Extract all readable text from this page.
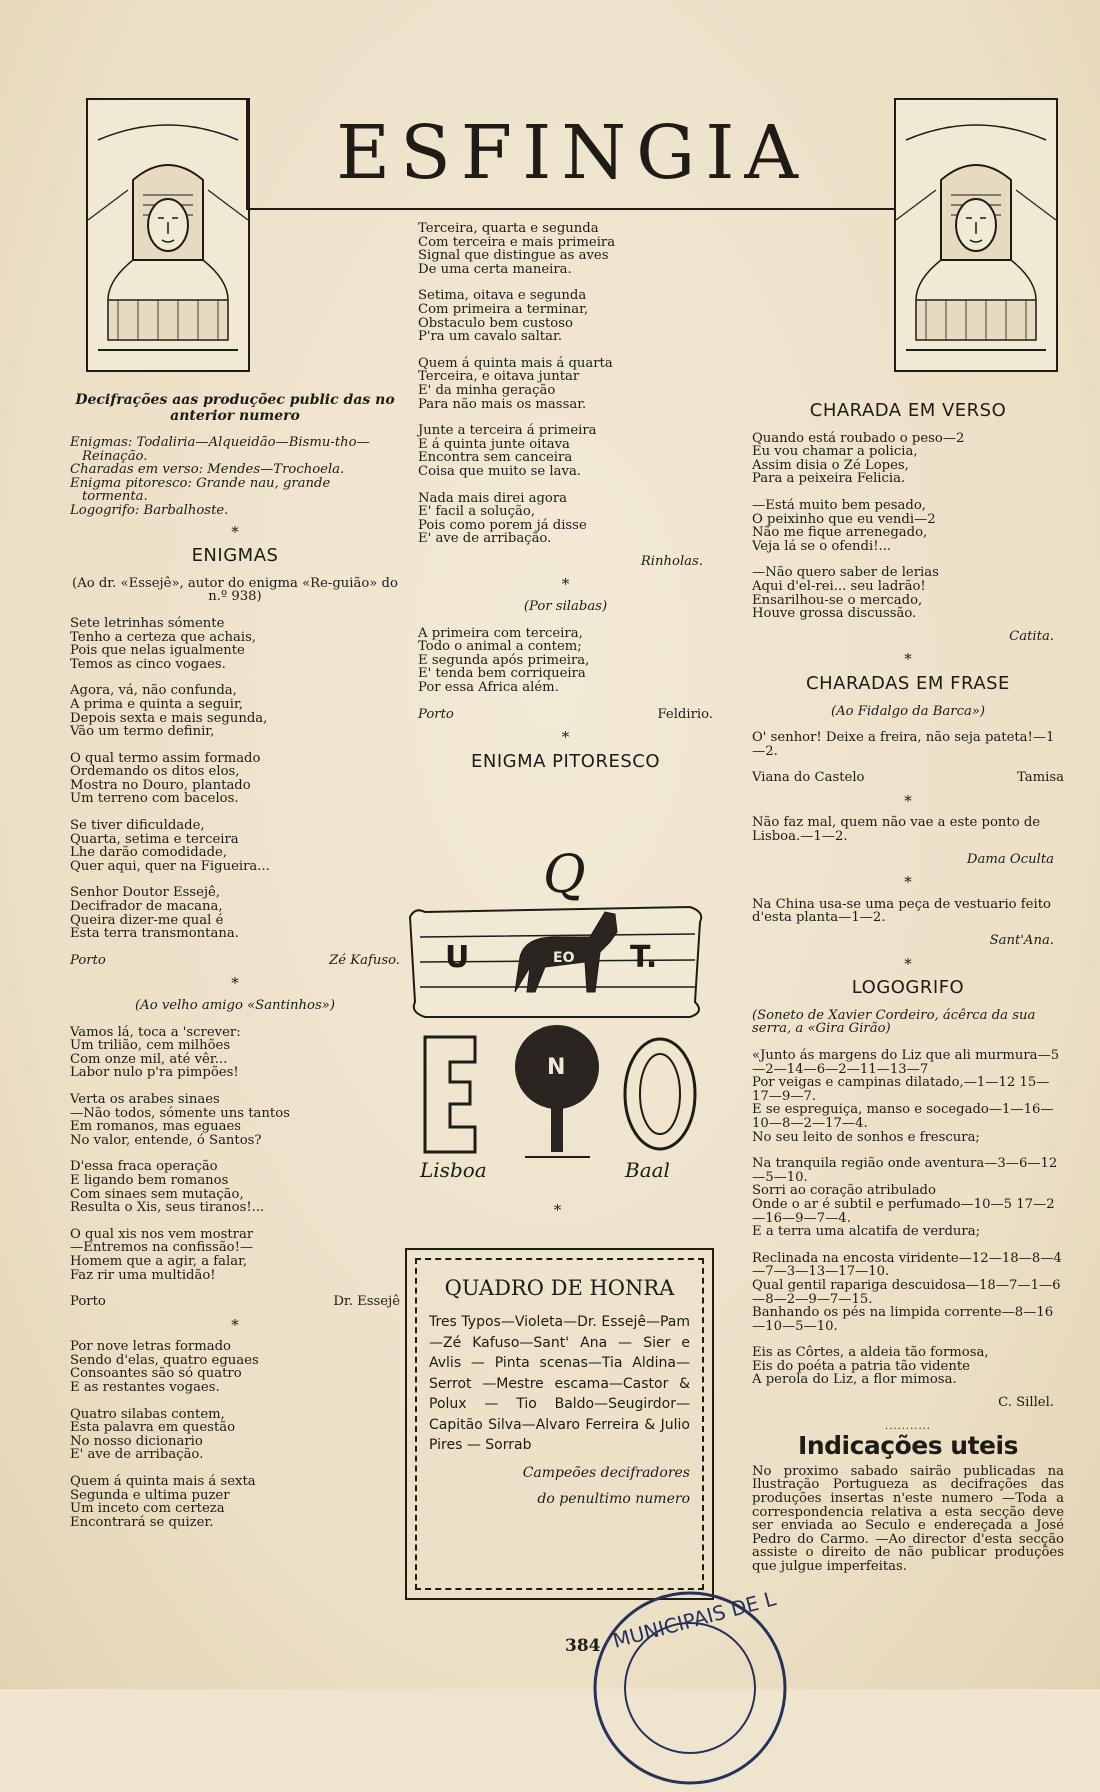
ESFINGIA
Decifrações aas produçõec public das no anterior numero

Enigmas: Todaliria—Alqueidão—Bismu-tho—Reinação.

Charadas em verso: Mendes—Trochoela.

Enigma pitoresco: Grande nau, grande tormenta.

Logogrifo: Barbalhoste.

*
ENIGMAS
(Ao dr. «Essejê», autor do enigma «Re-guião» do n.º 938)
Sete letrinhas sómente
Tenho a certeza que achais,
Pois que nelas igualmente
Temos as cinco vogaes.
Agora, vá, não confunda,
A prima e quinta a seguir,
Depois sexta e mais segunda,
Vão um termo definir,
O qual termo assim formado
Ordemando os ditos elos,
Mostra no Douro, plantado
Um terreno com bacelos.
Se tiver dificuldade,
Quarta, setima e terceira
Lhe darão comodidade,
Quer aqui, quer na Figueira...
Senhor Doutor Essejê,
Decifrador de macana,
Queira dizer-me qual é
Esta terra transmontana.
Porto	Zé Kafuso.
*
(Ao velho amigo «Santinhos»)
Vamos lá, toca a 'screver:
Um trilião, cem milhões
Com onze mil, até vêr...
Labor nulo p'ra pimpões!
Verta os arabes sinaes
—Não todos, sómente uns tantos
Em romanos, mas eguaes
No valor, entende, ó Santos?
D'essa fraca operação
E ligando bem romanos
Com sinaes sem mutação,
Resulta o Xis, seus tiranos!...
O qual xis nos vem mostrar
—Entremos na confissão!—
Homem que a agir, a falar,
Faz rir uma multidão!
Porto	Dr. Essejê
*
Por nove letras formado
Sendo d'elas, quatro eguaes
Consoantes são só quatro
E as restantes vogaes.
Quatro silabas contem,
Esta palavra em questão
No nosso dicionario
E' ave de arribação.
Quem á quinta mais á sexta
Segunda e ultima puzer
Um inceto com certeza
Encontrará se quizer.
Terceira, quarta e segunda
Com terceira e mais primeira
Signal que distingue as aves
De uma certa maneira.
Setima, oitava e segunda
Com primeira a terminar,
Obstaculo bem custoso
P'ra um cavalo saltar.
Quem á quinta mais á quarta
Terceira, e oitava juntar
E' da minha geração
Para não mais os massar.
Junte a terceira á primeira
E á quinta junte oitava
Encontra sem canceira
Coisa que muito se lava.
Nada mais direi agora
E' facil a solução,
Pois como porem já disse
E' ave de arribação.
Rinholas.
*
(Por silabas)
A primeira com terceira,
Todo o animal a contem;
E segunda após primeira,
E' tenda bem corriqueira
Por essa Africa além.
Porto	Feldirio.
*
ENIGMA PITORESCO
Q
U	EO T.
N
Lisboa	Baal
*
QUADRO DE HONRA
Tres Typos—Violeta—Dr. Essejê—Pam—Zé Kafuso—Sant' Ana — Sier e Avlis — Pinta scenas—Tia Aldina—Serrot —Mestre escama—Castor & Polux — Tio Baldo—Seugirdor—Capitão Silva—Alvaro Ferreira & Julio Pires — Sorrab
Campeões decifradores
do penultimo numero
CHARADA EM VERSO
Quando está roubado o peso—2
Eu vou chamar a policia,
Assim disia o Zé Lopes,
Para a peixeira Felicia.
—Está muito bem pesado,
O peixinho que eu vendi—2
Não me fique arrenegado,
Veja lá se o ofendi!...
—Não quero saber de lerias
Aqui d'el-rei... seu ladrão!
Ensarilhou-se o mercado,
Houve grossa discussão.
Catita.
*
CHARADAS EM FRASE
(Ao Fidalgo da Barca»)
O' senhor! Deixe a freira, não seja pateta!—1—2.
Viana do Castelo	Tamisa
*
Não faz mal, quem não vae a este ponto de Lisboa.—1—2.
Dama Oculta
*
Na China usa-se uma peça de vestuario feito d'esta planta—1—2.
Sant'Ana.
*
LOGOGRIFO
(Soneto de Xavier Cordeiro, ácêrca da sua serra, a «Gira Girão)
«Junto ás margens do Liz que ali murmura—5—2—14—6—2—11—13—7
Por veigas e campinas dilatado,—1—12 15—17—9—7.
E se espreguiça, manso e socegado—1—16—10—8—2—17—4.
No seu leito de sonhos e frescura;
Na tranquila região onde aventura—3—6—12—5—10.
Sorri ao coração atribulado
Onde o ar é subtil e perfumado—10—5 17—2—16—9—7—4.
E a terra uma alcatifa de verdura;
Reclinada na encosta viridente—12—18—8—4—7—3—13—17—10.
Qual gentil rapariga descuidosa—18—7—1—6—8—2—9—7—15.
Banhando os pés na limpida corrente—8—16—10—5—10.
Eis as Côrtes, a aldeia tão formosa,
Eis do poéta a patria tão vidente
A perola do Liz, a flor mimosa.
C. Sillel.
...........
Indicações uteis
No proximo sabado sairão publicadas na Ilustração Portugueza as decifrações das produções insertas n'este numero —Toda a correspondencia relativa a esta secção deve ser enviada ao Seculo e endereçada a José Pedro do Carmo. —Ao director d'esta secção assiste o direito de não publicar produções que julgue imperfeitas.
384 MUNICIPAIS DE L
